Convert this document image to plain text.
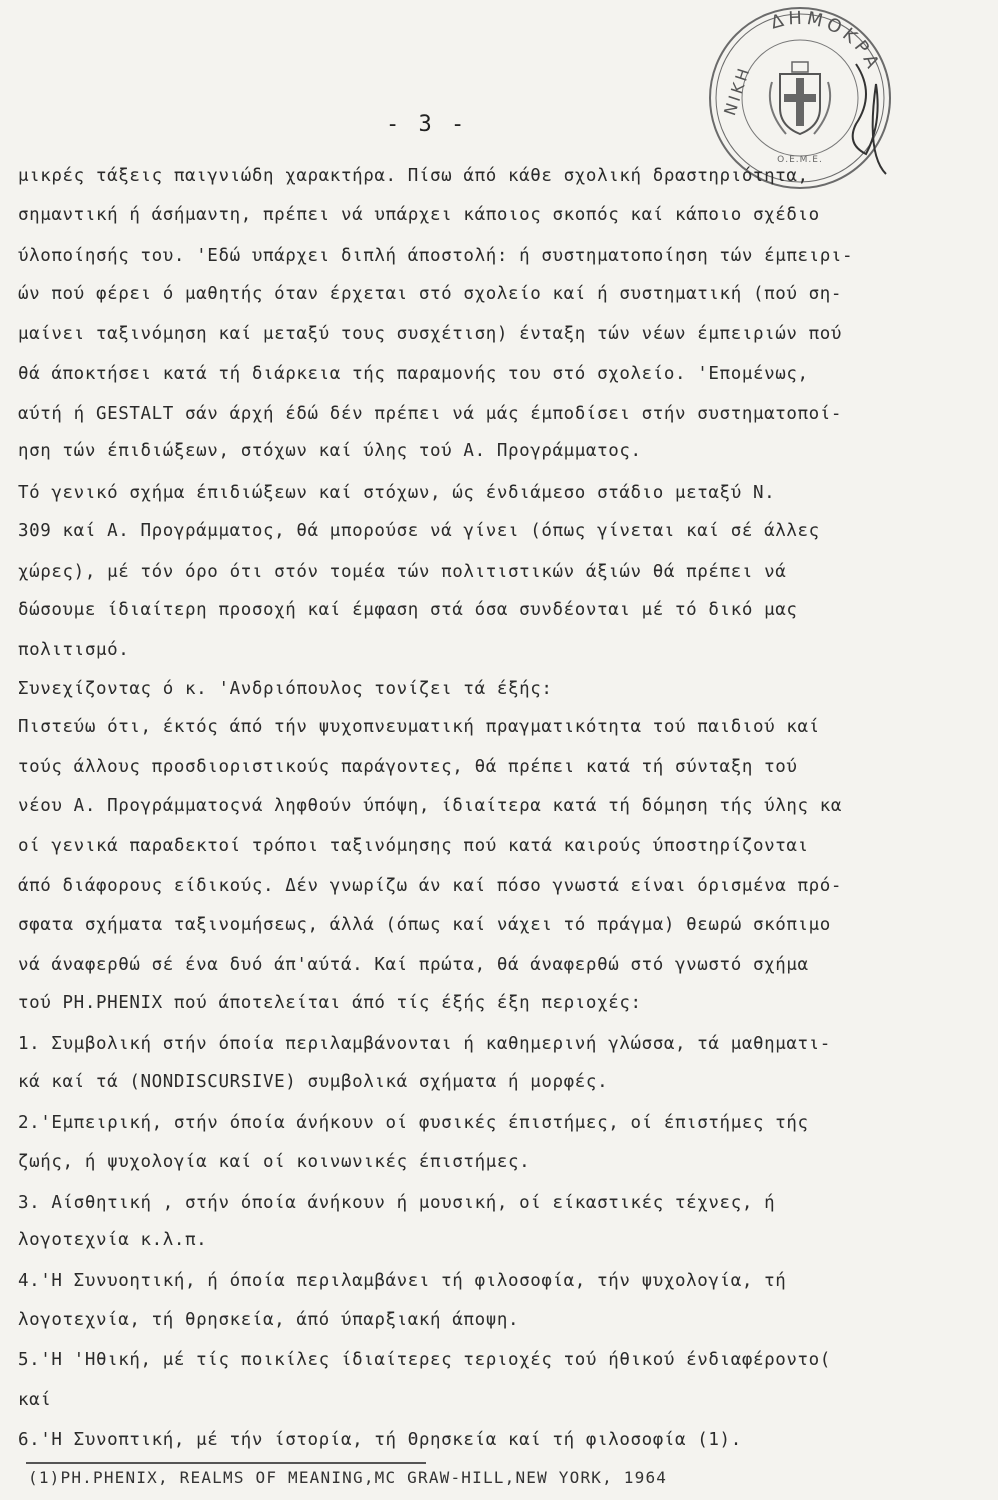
ΔΗΜΟΚΡΑ
ΝΙΚΗ
Ο.Ε.Μ.Ε.
- 3 -
μικρές τάξεις παιγνιώδη χαρακτήρα. Πίσω άπό κάθε σχολική δραστηριότητα,
σημαντική ή άσήμαντη, πρέπει νά υπάρχει κάποιος σκοπός καί κάποιο σχέδιο
ύλοποίησής του. 'Εδώ υπάρχει διπλή άποστολή: ή συστηματοποίηση τών έμπειρι-
ών πού φέρει ό μαθητής όταν έρχεται στό σχολείο καί ή συστηματική (πού ση-
μαίνει ταξινόμηση καί μεταξύ τους συσχέτιση) ένταξη τών νέων έμπειριών πού
θά άποκτήσει κατά τή διάρκεια τής παραμονής του στό σχολείο. 'Επομένως,
αύτή ή GESTALT σάν άρχή έδώ δέν πρέπει νά μάς έμποδίσει στήν συστηματοποί-
ηση τών έπιδιώξεων, στόχων καί ύλης τού Α. Προγράμματος.
Τό γενικό σχήμα έπιδιώξεων καί στόχων, ώς ένδιάμεσο στάδιο μεταξύ Ν.
309 καί Α. Προγράμματος, θά μπορούσε νά γίνει (όπως γίνεται καί σέ άλλες
χώρες), μέ τόν όρο ότι στόν τομέα τών πολιτιστικών άξιών θά πρέπει νά
δώσουμε ίδιαίτερη προσοχή καί έμφαση στά όσα συνδέονται μέ τό δικό μας
πολιτισμό.
Συνεχίζοντας ό κ. 'Ανδριόπουλος τονίζει τά έξής:
Πιστεύω ότι, έκτός άπό τήν ψυχοπνευματική πραγματικότητα τού παιδιού καί
τούς άλλους προσδιοριστικούς παράγοντες, θά πρέπει κατά τή σύνταξη τού
νέου Α. Προγράμματοςνά ληφθούν ύπόψη, ίδιαίτερα κατά τή δόμηση τής ύλης κα
οί γενικά παραδεκτοί τρόποι ταξινόμησης πού κατά καιρούς ύποστηρίζονται
άπό διάφορους είδικούς. Δέν γνωρίζω άν καί πόσο γνωστά είναι όρισμένα πρό-
σφατα σχήματα ταξινομήσεως, άλλά (όπως καί νάχει τό πράγμα) θεωρώ σκόπιμο
νά άναφερθώ σέ ένα δυό άπ'αύτά. Καί πρώτα, θά άναφερθώ στό γνωστό σχήμα
τού PH.PHENIX πού άποτελείται άπό τίς έξής έξη περιοχές:
1. Συμβολική στήν όποία περιλαμβάνονται ή καθημερινή γλώσσα, τά μαθηματι-
κά καί τά (NONDISCURSIVE) συμβολικά σχήματα ή μορφές.
2.'Εμπειρική, στήν όποία άνήκουν οί φυσικές έπιστήμες, οί έπιστήμες τής
ζωής, ή ψυχολογία καί οί κοινωνικές έπιστήμες.
3. Αίσθητική , στήν όποία άνήκουν ή μουσική, οί είκαστικές τέχνες, ή
λογοτεχνία κ.λ.π.
4.'Η Συνυοητική, ή όποία περιλαμβάνει τή φιλοσοφία, τήν ψυχολογία, τή
λογοτεχνία, τή θρησκεία, άπό ύπαρξιακή άποψη.
5.'Η 'Ηθική, μέ τίς ποικίλες ίδιαίτερες τεριοχές τού ήθικού ένδιαφέροντο(
καί
6.'Η Συνοπτική, μέ τήν ίστορία, τή Θρησκεία καί τή φιλοσοφία (1).
(1)PH.PHENIX, REALMS OF MEANING,MC GRAW-HILL,NEW YORK, 1964
